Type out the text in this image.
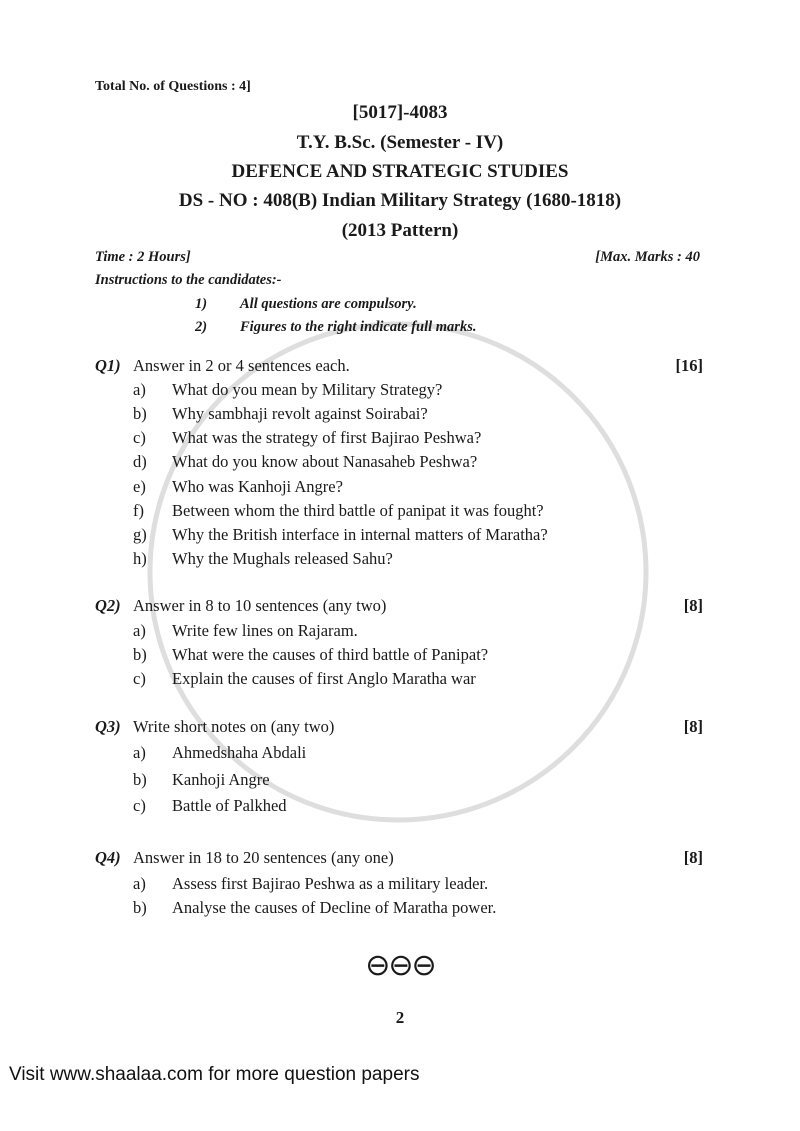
Total No. of Questions : 4]
[5017]-4083
T.Y. B.Sc. (Semester - IV)
DEFENCE AND STRATEGIC STUDIES
DS - NO : 408(B) Indian Military Strategy (1680-1818)
(2013 Pattern)
Time : 2 Hours]	[Max. Marks : 40
Instructions to the candidates:-
1) All questions are compulsory.
2) Figures to the right indicate full marks.
Q1) Answer in 2 or 4 sentences each.	[16]
a) What do you mean by Military Strategy?
b) Why sambhaji revolt against Soirabai?
c) What was the strategy of first Bajirao Peshwa?
d) What do you know about Nanasaheb Peshwa?
e) Who was Kanhoji Angre?
f) Between whom the third battle of panipat it was fought?
g) Why the British interface in internal matters of Maratha?
h) Why the Mughals released Sahu?
Q2) Answer in 8 to 10 sentences (any two)	[8]
a) Write few lines on Rajaram.
b) What were the causes of third battle of Panipat?
c) Explain the causes of first Anglo Maratha war
Q3) Write short notes on (any two)	[8]
a) Ahmedshaha Abdali
b) Kanhoji Angre
c) Battle of Palkhed
Q4) Answer in 18 to 20 sentences (any one)	[8]
a) Assess first Bajirao Peshwa as a military leader.
b) Analyse the causes of Decline of Maratha power.
⊖⊖⊖
2
Visit www.shaalaa.com for more question papers
